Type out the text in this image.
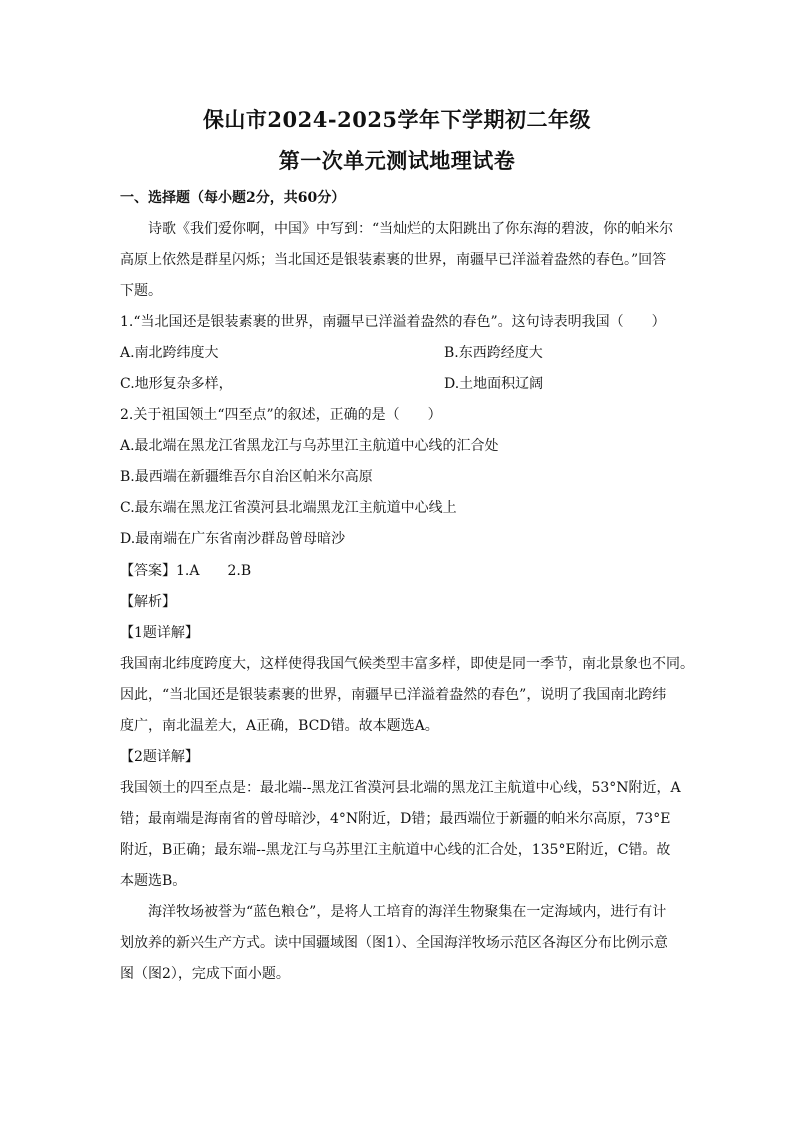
保山市2024-2025学年下学期初二年级
第一次单元测试地理试卷
一、选择题（每小题2分，共60分）
诗歌《我们爱你啊，中国》中写到：“当灿烂的太阳跳出了你东海的碧波，你的帕米尔
高原上依然是群星闪烁；当北国还是银装素裹的世界，南疆早已洋溢着盎然的春色。”回答
下题。
1.“当北国还是银装素裹的世界，南疆早已洋溢着盎然的春色”。这句诗表明我国（　　）
A.南北跨纬度大	B.东西跨经度大
C.地形复杂多样，	D.土地面积辽阔
2.关于祖国领土“四至点”的叙述，正确的是（　　）
A.最北端在黑龙江省黑龙江与乌苏里江主航道中心线的汇合处
B.最西端在新疆维吾尔自治区帕米尔高原
C.最东端在黑龙江省漠河县北端黑龙江主航道中心线上
D.最南端在广东省南沙群岛曾母暗沙
【答案】1.A　　2.B
【解析】
【1题详解】
我国南北纬度跨度大，这样使得我国气候类型丰富多样，即使是同一季节，南北景象也不同。
因此，“当北国还是银装素裹的世界，南疆早已洋溢着盎然的春色”，说明了我国南北跨纬
度广，南北温差大，A正确，BCD错。故本题选A。
【2题详解】
我国领土的四至点是：最北端--黑龙江省漠河县北端的黑龙江主航道中心线，53°N附近，A
错；最南端是海南省的曾母暗沙，4°N附近，D错；最西端位于新疆的帕米尔高原，73°E
附近，B正确；最东端--黑龙江与乌苏里江主航道中心线的汇合处，135°E附近，C错。故
本题选B。
海洋牧场被誉为“蓝色粮仓”，是将人工培育的海洋生物聚集在一定海域内，进行有计
划放养的新兴生产方式。读中国疆域图（图1）、全国海洋牧场示范区各海区分布比例示意
图（图2），完成下面小题。
